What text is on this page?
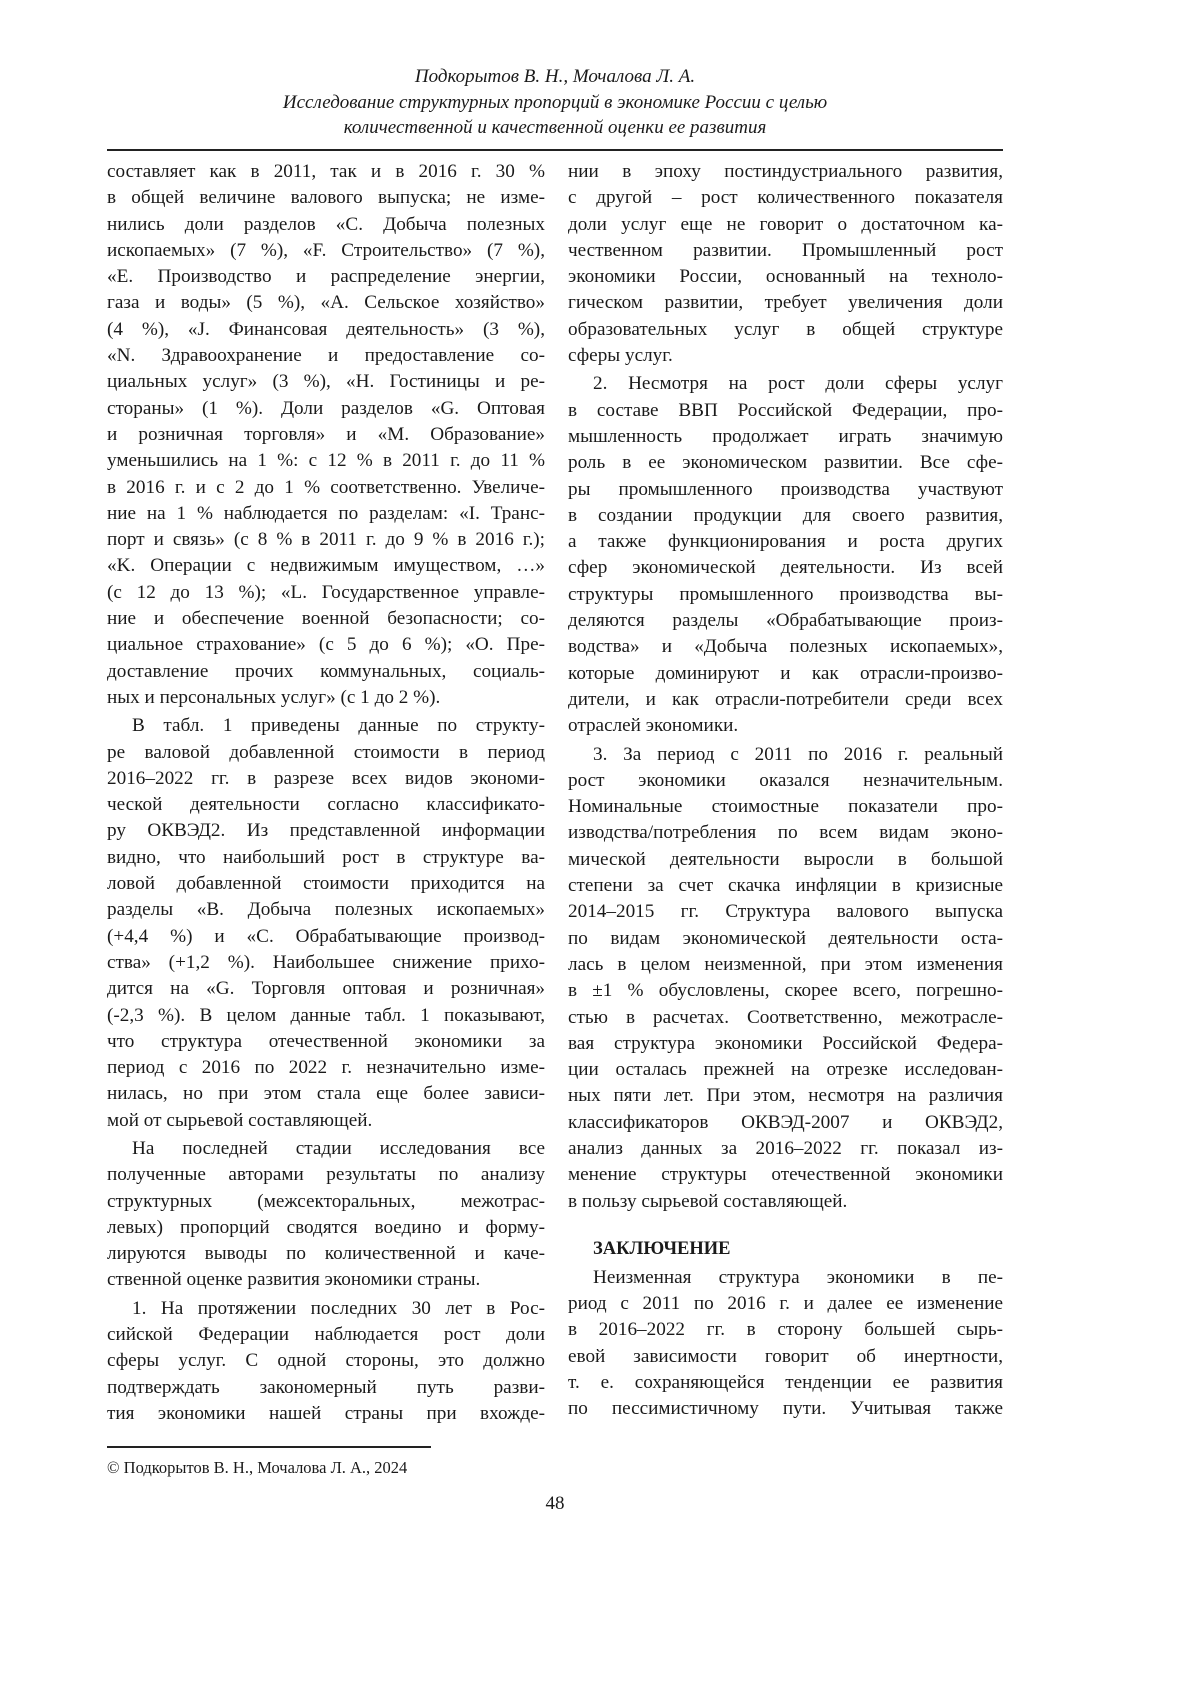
Подкорытов В. Н., Мочалова Л. А.
Исследование структурных пропорций в экономике России с целью
количественной и качественной оценки ее развития
составляет как в 2011, так и в 2016 г. 30 %
в общей величине валового выпуска; не изме-
нились доли разделов «C. Добыча полезных
ископаемых» (7 %), «F. Строительство» (7 %),
«E. Производство и распределение энергии,
газа и воды» (5 %), «A. Сельское хозяйство»
(4 %), «J. Финансовая деятельность» (3 %),
«N. Здравоохранение и предоставление со-
циальных услуг» (3 %), «H. Гостиницы и ре-
стораны» (1 %). Доли разделов «G. Оптовая
и розничная торговля» и «M. Образование»
уменьшились на 1 %: с 12 % в 2011 г. до 11 %
в 2016 г. и с 2 до 1 % соответственно. Увеличе-
ние на 1 % наблюдается по разделам: «I. Транс-
порт и связь» (с 8 % в 2011 г. до 9 % в 2016 г.);
«K. Операции с недвижимым имуществом, …»
(с 12 до 13 %); «L. Государственное управле-
ние и обеспечение военной безопасности; со-
циальное страхование» (с 5 до 6 %); «O. Пре-
доставление прочих коммунальных, социаль-
ных и персональных услуг» (с 1 до 2 %).
В табл. 1 приведены данные по структу-
ре валовой добавленной стоимости в период
2016–2022 гг. в разрезе всех видов экономи-
ческой деятельности согласно классификато-
ру ОКВЭД2. Из представленной информации
видно, что наибольший рост в структуре ва-
ловой добавленной стоимости приходится на
разделы «B. Добыча полезных ископаемых»
(+4,4 %) и «C. Обрабатывающие производ-
ства» (+1,2 %). Наибольшее снижение прихо-
дится на «G. Торговля оптовая и розничная»
(-2,3 %). В целом данные табл. 1 показывают,
что структура отечественной экономики за
период с 2016 по 2022 г. незначительно изме-
нилась, но при этом стала еще более зависи-
мой от сырьевой составляющей.
На последней стадии исследования все
полученные авторами результаты по анализу
структурных (межсекторальных, межотрас-
левых) пропорций сводятся воедино и форму-
лируются выводы по количественной и каче-
ственной оценке развития экономики страны.
1. На протяжении последних 30 лет в Рос-
сийской Федерации наблюдается рост доли
сферы услуг. С одной стороны, это должно
подтверждать закономерный путь разви-
тия экономики нашей страны при вхожде-
нии в эпоху постиндустриального развития,
с другой – рост количественного показателя
доли услуг еще не говорит о достаточном ка-
чественном развитии. Промышленный рост
экономики России, основанный на техноло-
гическом развитии, требует увеличения доли
образовательных услуг в общей структуре
сферы услуг.
2. Несмотря на рост доли сферы услуг
в составе ВВП Российской Федерации, про-
мышленность продолжает играть значимую
роль в ее экономическом развитии. Все сфе-
ры промышленного производства участвуют
в создании продукции для своего развития,
а также функционирования и роста других
сфер экономической деятельности. Из всей
структуры промышленного производства вы-
деляются разделы «Обрабатывающие произ-
водства» и «Добыча полезных ископаемых»,
которые доминируют и как отрасли-произво-
дители, и как отрасли-потребители среди всех
отраслей экономики.
3. За период с 2011 по 2016 г. реальный
рост экономики оказался незначительным.
Номинальные стоимостные показатели про-
изводства/потребления по всем видам эконо-
мической деятельности выросли в большой
степени за счет скачка инфляции в кризисные
2014–2015 гг. Структура валового выпуска
по видам экономической деятельности оста-
лась в целом неизменной, при этом изменения
в ±1 % обусловлены, скорее всего, погрешно-
стью в расчетах. Соответственно, межотрасле-
вая структура экономики Российской Федера-
ции осталась прежней на отрезке исследован-
ных пяти лет. При этом, несмотря на различия
классификаторов ОКВЭД-2007 и ОКВЭД2,
анализ данных за 2016–2022 гг. показал из-
менение структуры отечественной экономики
в пользу сырьевой составляющей.
ЗАКЛЮЧЕНИЕ
Неизменная структура экономики в пе-
риод с 2011 по 2016 г. и далее ее изменение
в 2016–2022 гг. в сторону большей сырь-
евой зависимости говорит об инертности,
т. е. сохраняющейся тенденции ее развития
по пессимистичному пути. Учитывая также
© Подкорытов В. Н., Мочалова Л. А., 2024
48
